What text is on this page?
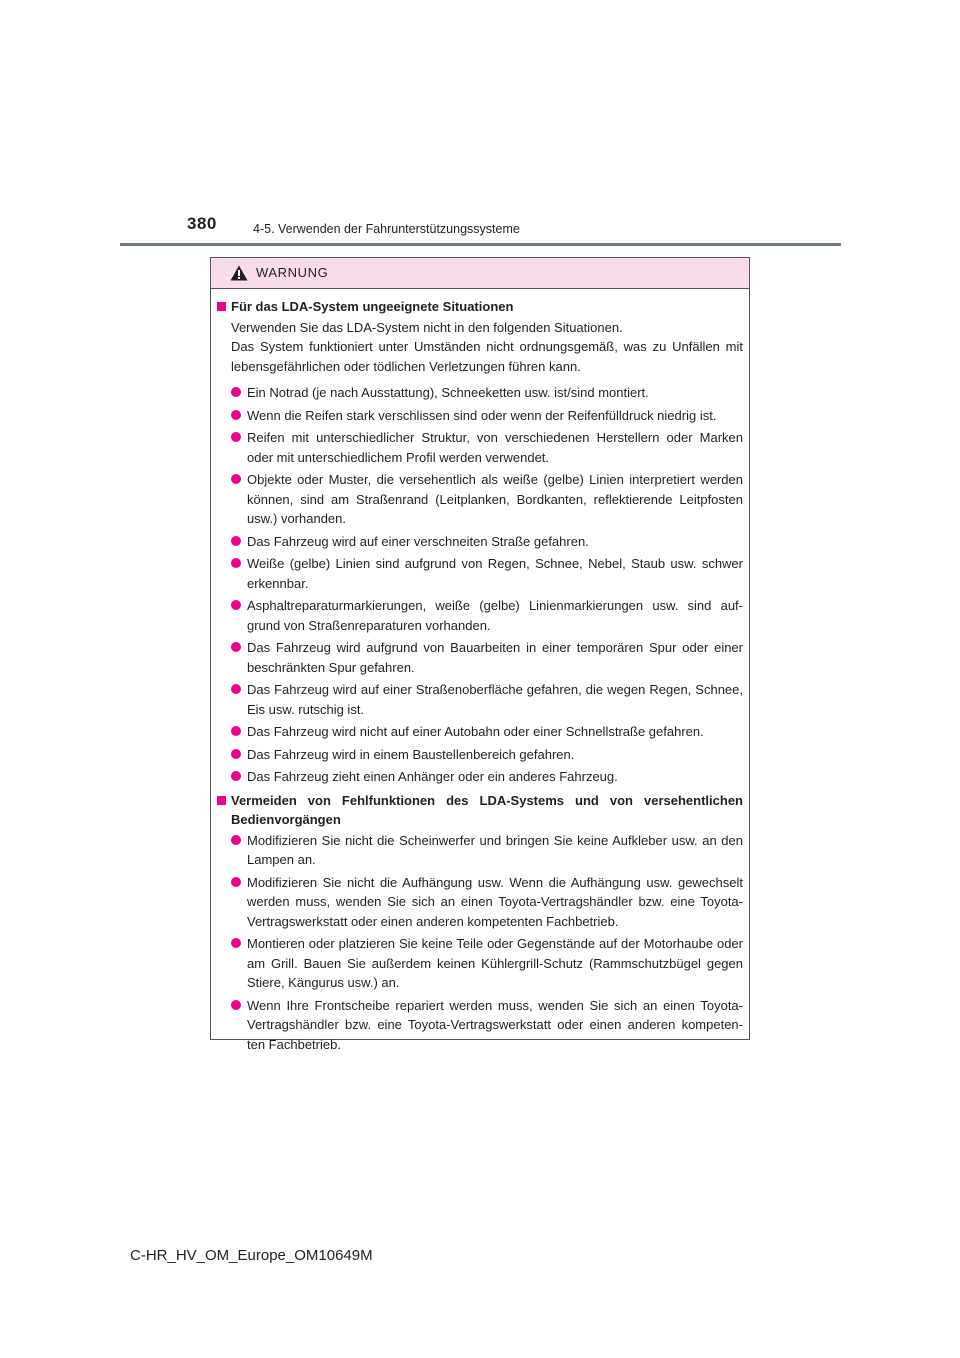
380	4-5. Verwenden der Fahrunterstützungssysteme
WARNUNG
Für das LDA-System ungeeignete Situationen

Verwenden Sie das LDA-System nicht in den folgenden Situationen.

Das System funktioniert unter Umständen nicht ordnungsgemäß, was zu Unfällen mit lebensgefährlichen oder tödlichen Verletzungen führen kann.

Ein Notrad (je nach Ausstattung), Schneeketten usw. ist/sind montiert.
Wenn die Reifen stark verschlissen sind oder wenn der Reifenfülldruck niedrig ist.
Reifen mit unterschiedlicher Struktur, von verschiedenen Herstellern oder Marken oder mit unterschiedlichem Profil werden verwendet.
Objekte oder Muster, die versehentlich als weiße (gelbe) Linien interpretiert werden können, sind am Straßenrand (Leitplanken, Bordkanten, reflektierende Leitpfosten usw.) vorhanden.
Das Fahrzeug wird auf einer verschneiten Straße gefahren.
Weiße (gelbe) Linien sind aufgrund von Regen, Schnee, Nebel, Staub usw. schwer erkennbar.
Asphaltreparaturmarkierungen, weiße (gelbe) Linienmarkierungen usw. sind auf- grund von Straßenreparaturen vorhanden.
Das Fahrzeug wird aufgrund von Bauarbeiten in einer temporären Spur oder einer beschränkten Spur gefahren.
Das Fahrzeug wird auf einer Straßenoberfläche gefahren, die wegen Regen, Schnee, Eis usw. rutschig ist.
Das Fahrzeug wird nicht auf einer Autobahn oder einer Schnellstraße gefahren.
Das Fahrzeug wird in einem Baustellenbereich gefahren.
Das Fahrzeug zieht einen Anhänger oder ein anderes Fahrzeug.
Vermeiden von Fehlfunktionen des LDA-Systems und von versehentlichen Bedienvorgängen
Modifizieren Sie nicht die Scheinwerfer und bringen Sie keine Aufkleber usw. an den Lampen an.
Modifizieren Sie nicht die Aufhängung usw. Wenn die Aufhängung usw. gewechselt werden muss, wenden Sie sich an einen Toyota-Vertragshändler bzw. eine Toyota- Vertragswerkstatt oder einen anderen kompetenten Fachbetrieb.
Montieren oder platzieren Sie keine Teile oder Gegenstände auf der Motorhaube oder am Grill. Bauen Sie außerdem keinen Kühlergrill-Schutz (Rammschutzbügel gegen Stiere, Kängurus usw.) an.
Wenn Ihre Frontscheibe repariert werden muss, wenden Sie sich an einen Toyota- Vertragshändler bzw. eine Toyota-Vertragswerkstatt oder einen anderen kompeten- ten Fachbetrieb.
C-HR_HV_OM_Europe_OM10649M
